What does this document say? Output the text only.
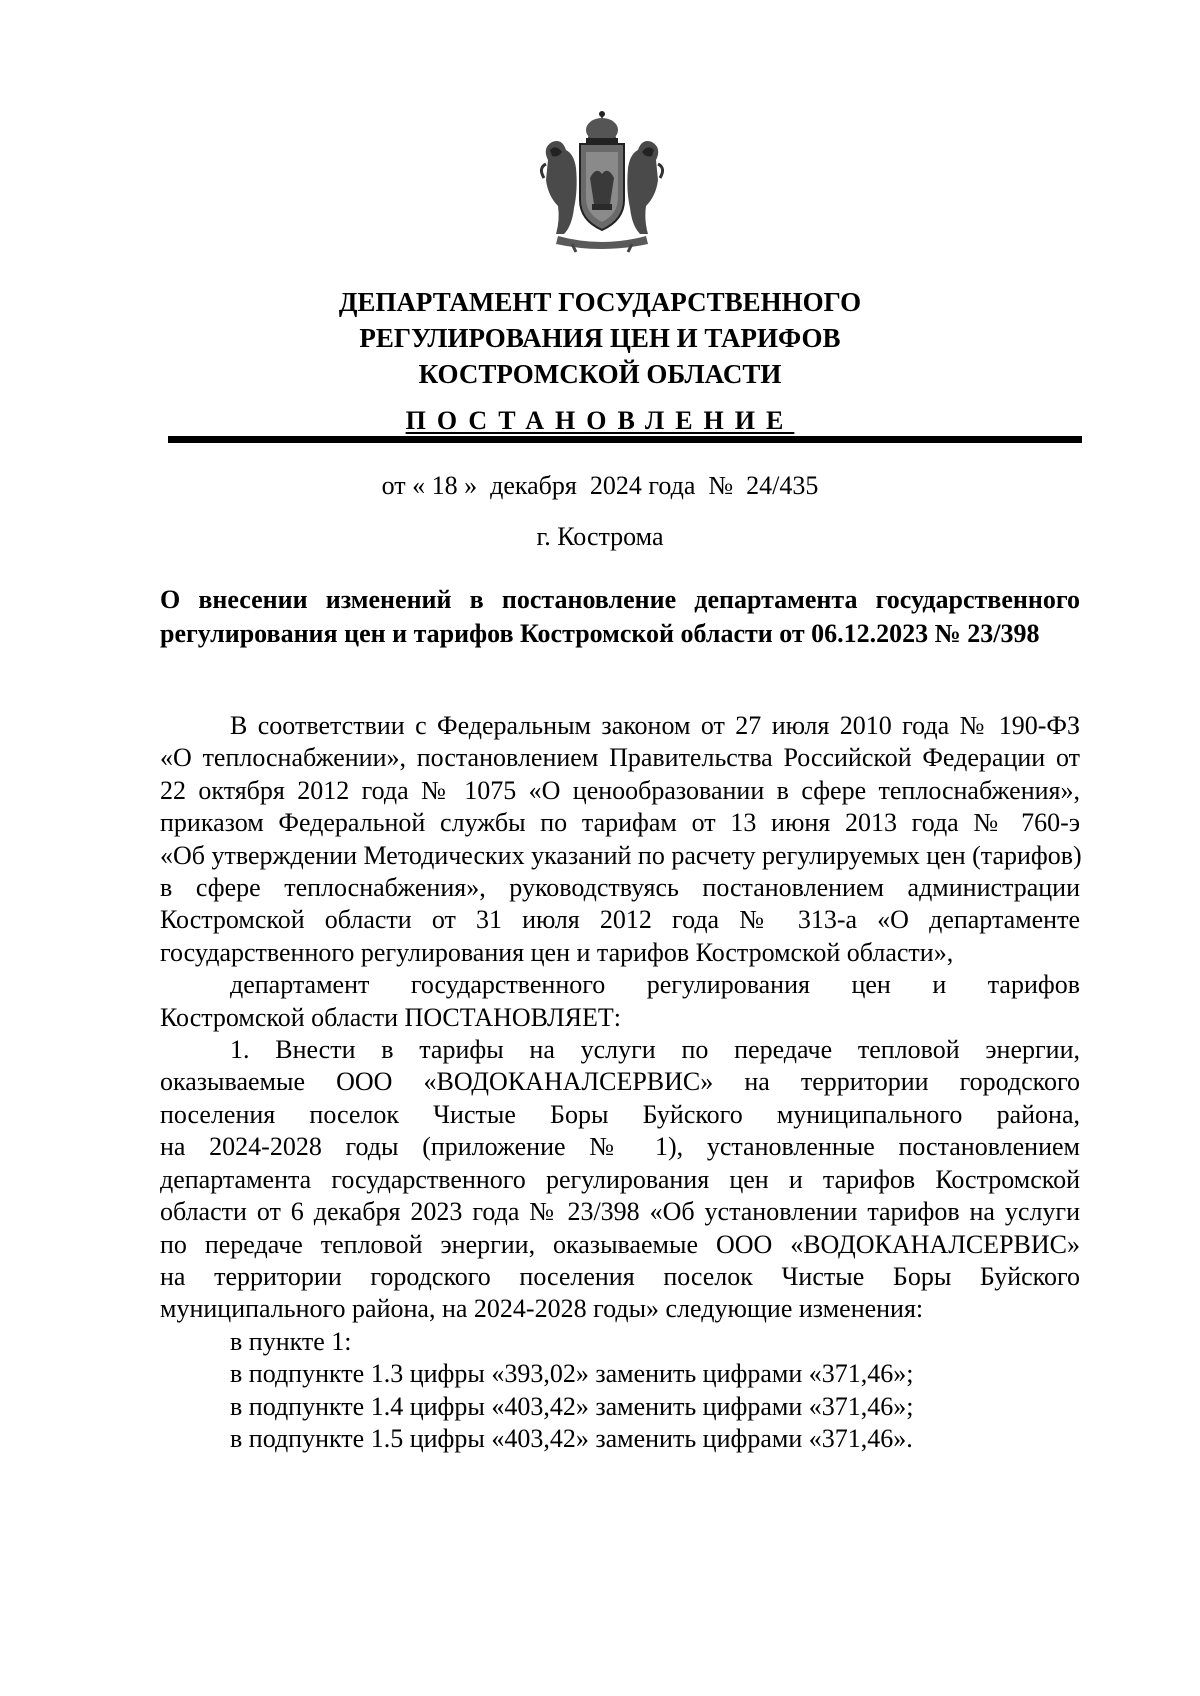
ДЕПАРТАМЕНТ ГОСУДАРСТВЕННОГО
РЕГУЛИРОВАНИЯ ЦЕН И ТАРИФОВ
КОСТРОМСКОЙ ОБЛАСТИ
ПОСТАНОВЛЕНИЕ
от « 18 »  декабря  2024 года  №  24/435
г. Кострома
О внесении изменений в постановление департамента государственного
регулирования цен и тарифов Костромской области от 06.12.2023 № 23/398
В соответствии с Федеральным законом от 27 июля 2010 года № 190-ФЗ
«О теплоснабжении», постановлением Правительства Российской Федерации от
22 октября 2012 года № 1075 «О ценообразовании в сфере теплоснабжения»,
приказом Федеральной службы по тарифам от 13 июня 2013 года № 760-э
«Об утверждении Методических указаний по расчету регулируемых цен (тарифов)
в сфере теплоснабжения», руководствуясь постановлением администрации
Костромской области от 31 июля 2012 года № 313-а «О департаменте
государственного регулирования цен и тарифов Костромской области»,
департамент государственного регулирования цен и тарифов
Костромской области ПОСТАНОВЛЯЕТ:
1. Внести в тарифы на услуги по передаче тепловой энергии,
оказываемые ООО «ВОДОКАНАЛСЕРВИС» на территории городского
поселения поселок Чистые Боры Буйского муниципального района,
на 2024-2028 годы (приложение № 1), установленные постановлением
департамента государственного регулирования цен и тарифов Костромской
области от 6 декабря 2023 года № 23/398 «Об установлении тарифов на услуги
по передаче тепловой энергии, оказываемые ООО «ВОДОКАНАЛСЕРВИС»
на территории городского поселения поселок Чистые Боры Буйского
муниципального района, на 2024-2028 годы» следующие изменения:
в пункте 1:
в подпункте 1.3 цифры «393,02» заменить цифрами «371,46»;
в подпункте 1.4 цифры «403,42» заменить цифрами «371,46»;
в подпункте 1.5 цифры «403,42» заменить цифрами «371,46».
